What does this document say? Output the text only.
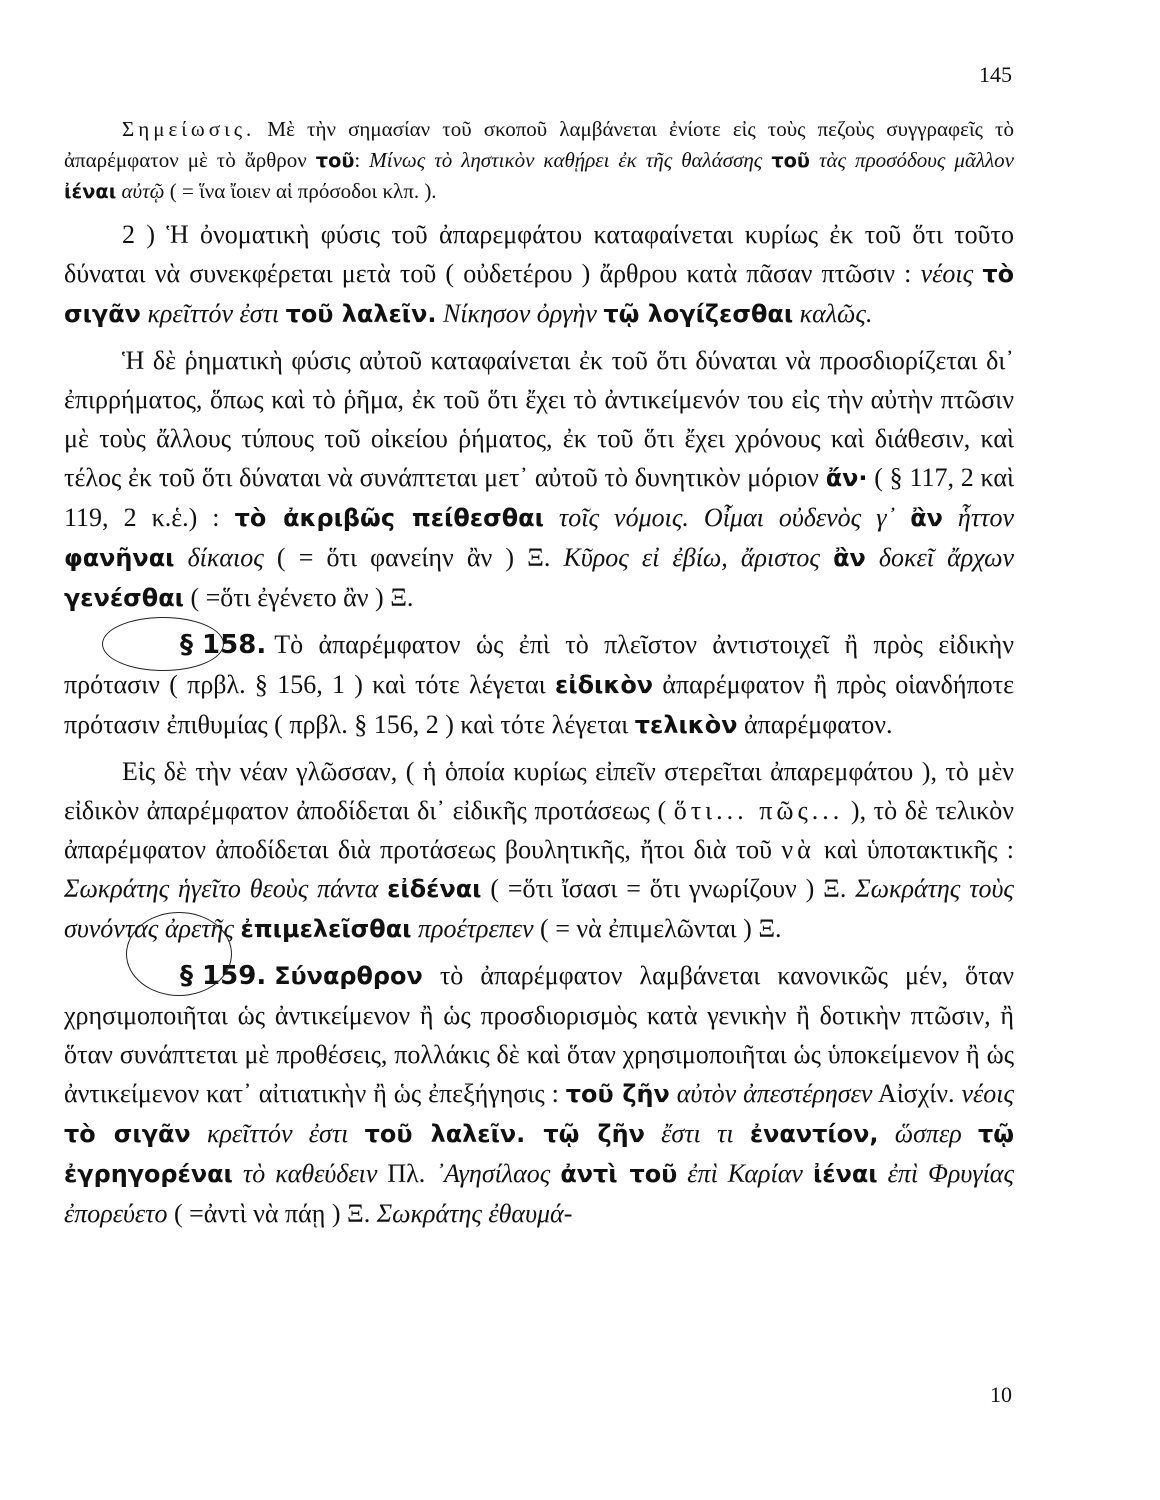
145

Σημείωσις. Μὲ τὴν σημασίαν τοῦ σκοποῦ λαμβάνεται ἐνίοτε εἰς τοὺς πεζοὺς συγγραφεῖς τὸ ἀπαρέμφατον μὲ τὸ ἄρθρον τοῦ: Μίνως τὸ ληστικὸν καθῄρει ἐκ τῆς θαλάσσης τοῦ τὰς προσόδους μᾶλλον ἰέναι αὐτῷ ( = ἵνα ἴοιεν αἱ πρόσοδοι κλπ. ).

2 ) Ἡ ὀνοματικὴ φύσις τοῦ ἀπαρεμφάτου καταφαίνεται κυρίως ἐκ τοῦ ὅτι τοῦτο δύναται νὰ συνεκφέρεται μετὰ τοῦ ( οὐδετέρου ) ἄρθρου κατὰ πᾶσαν πτῶσιν : νέοις τὸ σιγᾶν κρεῖττόν ἐστι τοῦ λαλεῖν. Νίκησον ὀργὴν τῷ λογίζεσθαι καλῶς.

Ἡ δὲ ῥηματικὴ φύσις αὐτοῦ καταφαίνεται ἐκ τοῦ ὅτι δύναται νὰ προσδιορίζεται δι᾽ ἐπιρρήματος, ὅπως καὶ τὸ ῥῆμα, ἐκ τοῦ ὅτι ἔχει τὸ ἀντικείμενόν του εἰς τὴν αὐτὴν πτῶσιν μὲ τοὺς ἄλλους τύπους τοῦ οἰκείου ῥήματος, ἐκ τοῦ ὅτι ἔχει χρόνους καὶ διάθεσιν, καὶ τέλος ἐκ τοῦ ὅτι δύναται νὰ συνάπτεται μετ᾽ αὐτοῦ τὸ δυνητικὸν μόριον ἄν· ( § 117, 2 καὶ 119, 2 κ.ἑ.) : τὸ ἀκριβῶς πείθεσθαι τοῖς νόμοις. Οἶμαι οὐδενὸς γ᾽ ἂν ἧττον φανῆναι δίκαιος ( = ὅτι φανείην ἂν ) Ξ. Κῦρος εἰ ἐβίω, ἄριστος ἂν δοκεῖ ἄρχων γενέσθαι ( =ὅτι ἐγένετο ἂν ) Ξ.

§ 158. Τὸ ἀπαρέμφατον ὡς ἐπὶ τὸ πλεῖστον ἀντιστοιχεῖ ἢ πρὸς εἰδικὴν πρότασιν ( πρβλ. § 156, 1 ) καὶ τότε λέγεται εἰδικὸν ἀπαρέμφατον ἢ πρὸς οἱανδήποτε πρότασιν ἐπιθυμίας ( πρβλ. § 156, 2 ) καὶ τότε λέγεται τελικὸν ἀπαρέμφατον.

Εἰς δὲ τὴν νέαν γλῶσσαν, ( ἡ ὁποία κυρίως εἰπεῖν στερεῖται ἀπαρεμφάτου ), τὸ μὲν εἰδικὸν ἀπαρέμφατον ἀποδίδεται δι᾽ εἰδικῆς προτάσεως ( ὅτι... πῶς... ), τὸ δὲ τελικὸν ἀπαρέμφατον ἀποδίδεται διὰ προτάσεως βουλητικῆς, ἤτοι διὰ τοῦ νὰ καὶ ὑποτακτικῆς : Σωκράτης ἡγεῖτο θεοὺς πάντα εἰδέναι ( =ὅτι ἴσασι = ὅτι γνωρίζουν ) Ξ. Σωκράτης τοὺς συνόντας ἀρετῆς ἐπιμελεῖσθαι προέτρεπεν ( = νὰ ἐπιμελῶνται ) Ξ.

§ 159. Σύναρθρον τὸ ἀπαρέμφατον λαμβάνεται κανονικῶς μέν, ὅταν χρησιμοποιῆται ὡς ἀντικείμενον ἢ ὡς προσδιορισμὸς κατὰ γενικὴν ἢ δοτικὴν πτῶσιν, ἢ ὅταν συνάπτεται μὲ προθέσεις, πολλάκις δὲ καὶ ὅταν χρησιμοποιῆται ὡς ὑποκείμενον ἢ ὡς ἀντικείμενον κατ᾽ αἰτιατικὴν ἢ ὡς ἐπεξήγησις : τοῦ ζῆν αὐτὸν ἀπεστέρησεν Αἰσχίν. νέοις τὸ σιγᾶν κρεῖττόν ἐστι τοῦ λαλεῖν. τῷ ζῆν ἔστι τι ἐναντίον, ὥσπερ τῷ ἐγρηγορέναι τὸ καθεύδειν Πλ. ᾽Αγησίλαος ἀντὶ τοῦ ἐπὶ Καρίαν ἰέναι ἐπὶ Φρυγίας ἐπορεύετο ( =ἀντὶ νὰ πάῃ ) Ξ. Σωκράτης ἐθαυμά-

10
